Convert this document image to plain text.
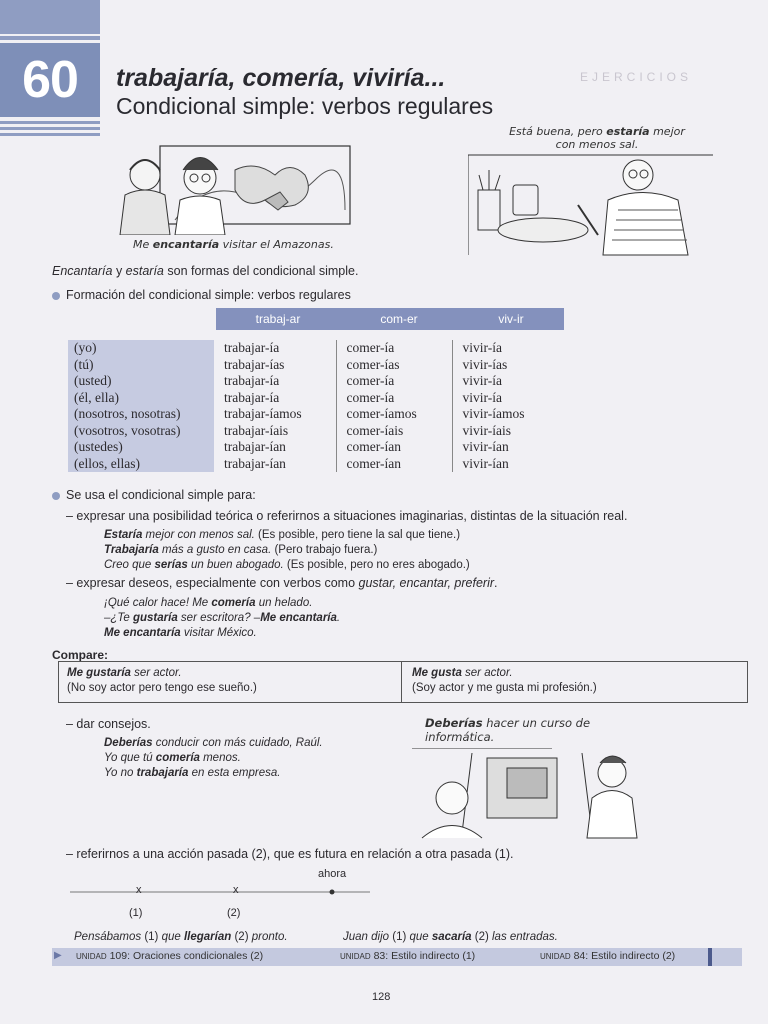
60	EJERCICIOS
trabajaría, comería, viviría...
Condicional simple: verbos regulares
Me encantaría visitar el Amazonas.
Está buena, pero estaría mejor
con menos sal.
Encantaría y estaría son formas del condicional simple.
Formación del condicional simple: verbos regulares
	trabaj-ar	com-er	viv-ir

(yo)	trabajar-ía	comer-ía	vivir-ía
(tú)	trabajar-ías	comer-ías	vivir-ías
(usted)	trabajar-ía	comer-ía	vivir-ía
(él, ella)	trabajar-ía	comer-ía	vivir-ía
(nosotros, nosotras)	trabajar-íamos	comer-íamos	vivir-íamos
(vosotros, vosotras)	trabajar-íais	comer-íais	vivir-íais
(ustedes)	trabajar-ían	comer-ían	vivir-ían
(ellos, ellas)	trabajar-ían	comer-ían	vivir-ían
Se usa el condicional simple para:
– expresar una posibilidad teórica o referirnos a situaciones imaginarias, distintas de la situación real.
Estaría mejor con menos sal. (Es posible, pero tiene la sal que tiene.)
Trabajaría más a gusto en casa. (Pero trabajo fuera.)
Creo que serías un buen abogado. (Es posible, pero no eres abogado.)
– expresar deseos, especialmente con verbos como gustar, encantar, preferir.
¡Qué calor hace! Me comería un helado.
–¿Te gustaría ser escritora? –Me encantaría.
Me encantaría visitar México.
Compare:
Me gustaría ser actor.
(No soy actor pero tengo ese sueño.)
Me gusta ser actor.
(Soy actor y me gusta mi profesión.)
– dar consejos.
Deberías conducir con más cuidado, Raúl.
Yo que tú comería menos.
Yo no trabajaría en esta empresa.
Deberías hacer un curso de
informática.
– referirnos a una acción pasada (2), que es futura en relación a otra pasada (1).
ahora
x	x
(1)	(2)
Pensábamos (1) que llegarían (2) pronto.	Juan dijo (1) que sacaría (2) las entradas.
▶ UNIDAD 109: Oraciones condicionales (2)	UNIDAD 83: Estilo indirecto (1)	UNIDAD 84: Estilo indirecto (2)
128
